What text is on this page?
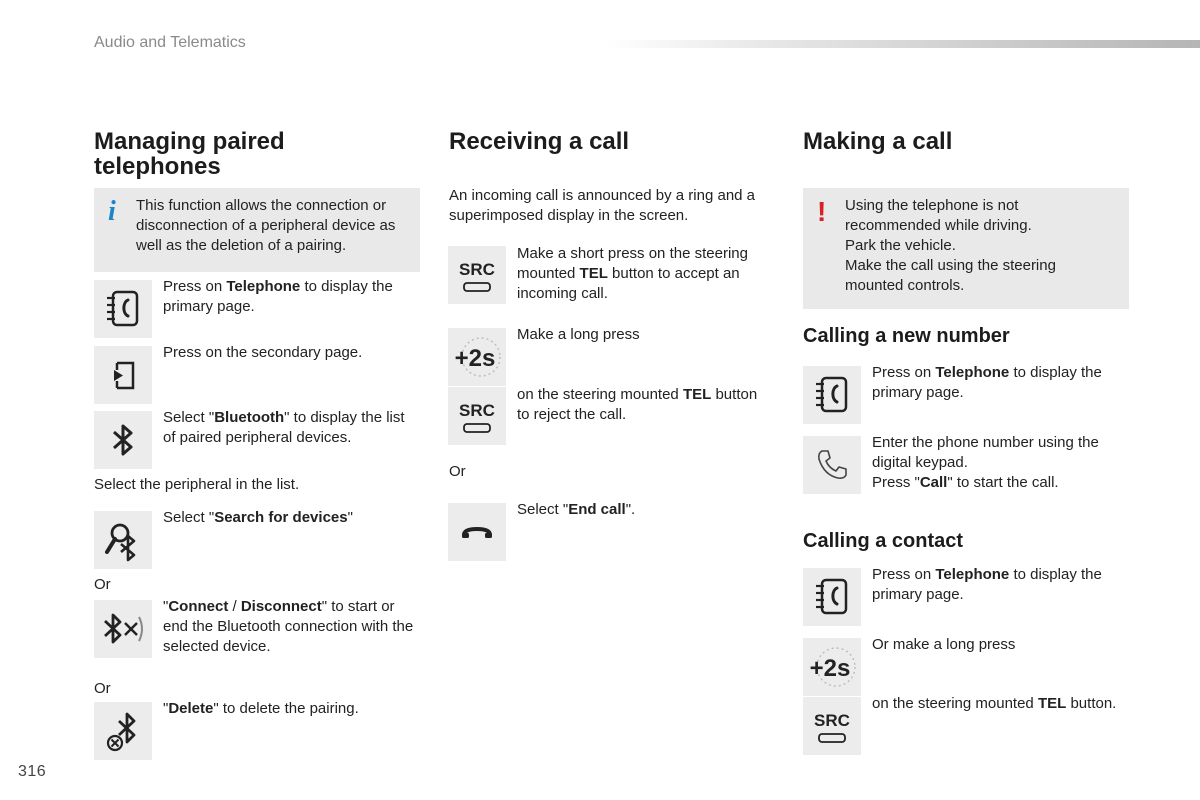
Audio and Telematics
316
Managing paired telephones
i This function allows the connection or disconnection of a peripheral device as well as the deletion of a pairing.
Press on Telephone to display the primary page.
Press on the secondary page.
Select "Bluetooth" to display the list of paired peripheral devices.
Select the peripheral in the list.
Select "Search for devices"
Or
"Connect / Disconnect" to start or end the Bluetooth connection with the selected device.
Or
"Delete" to delete the pairing.
Receiving a call
An incoming call is announced by a ring and a superimposed display in the screen.
SRC
Make a short press on the steering mounted TEL button to accept an incoming call.
+2s
Make a long press
SRC
on the steering mounted TEL button to reject the call.
Or
Select "End call".
Making a call
! Using the telephone is not recommended while driving.
Park the vehicle.
Make the call using the steering mounted controls.
Calling a new number
Press on Telephone to display the primary page.
Enter the phone number using the digital keypad.
Press "Call" to start the call.
Calling a contact
Press on Telephone to display the primary page.
+2s
Or make a long press
SRC
on the steering mounted TEL button.
